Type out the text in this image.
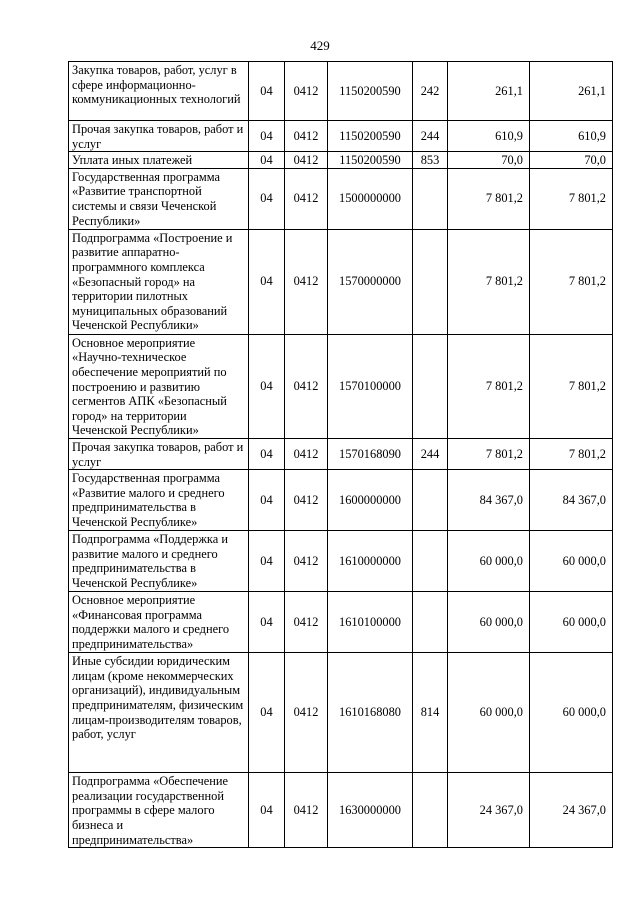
429
Закупка товаров, работ, услуг в сфере информационно-коммуникационных технологий	04	0412	1150200590	242	261,1	261,1
Прочая закупка товаров, работ и услуг	04	0412	1150200590	244	610,9	610,9
Уплата иных платежей	04	0412	1150200590	853	70,0	70,0
Государственная программа «Развитие транспортной системы и связи Чеченской Республики»	04	0412	1500000000		7 801,2	7 801,2
Подпрограмма «Построение и развитие аппаратно-программного комплекса «Безопасный город» на территории пилотных муниципальных образований Чеченской Республики»	04	0412	1570000000		7 801,2	7 801,2
Основное мероприятие «Научно-техническое обеспечение мероприятий по построению и развитию сегментов АПК «Безопасный город» на территории Чеченской Республики»	04	0412	1570100000		7 801,2	7 801,2
Прочая закупка товаров, работ и услуг	04	0412	1570168090	244	7 801,2	7 801,2
Государственная программа «Развитие малого и среднего предпринимательства в Чеченской Республике»	04	0412	1600000000		84 367,0	84 367,0
Подпрограмма «Поддержка и развитие малого и среднего предпринимательства в Чеченской Республике»	04	0412	1610000000		60 000,0	60 000,0
Основное мероприятие «Финансовая программа поддержки малого и среднего предпринимательства»	04	0412	1610100000		60 000,0	60 000,0
Иные субсидии юридическим лицам (кроме некоммерческих организаций), индивидуальным предпринимателям, физическим лицам-производителям товаров, работ, услуг	04	0412	1610168080	814	60 000,0	60 000,0
Подпрограмма «Обеспечение реализации государственной программы в сфере малого бизнеса и предпринимательства»	04	0412	1630000000		24 367,0	24 367,0
